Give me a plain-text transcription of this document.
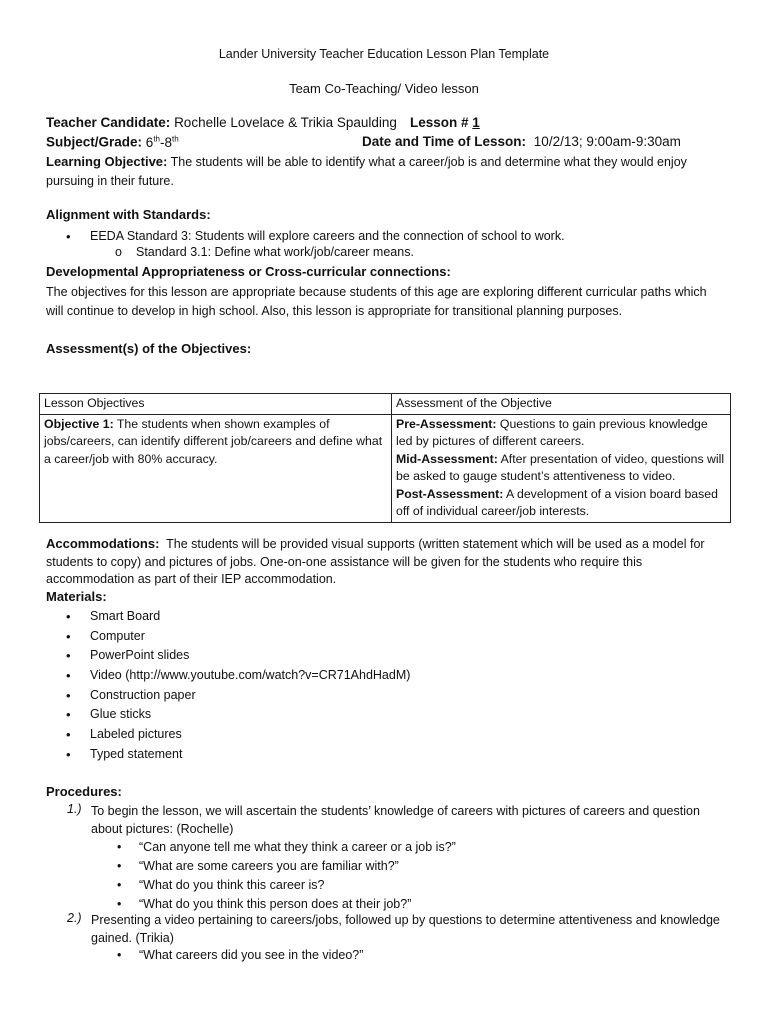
Lander University Teacher Education Lesson Plan Template
Team Co-Teaching/ Video lesson
Teacher Candidate: Rochelle Lovelace & Trikia Spaulding Lesson # 1
Subject/Grade: 6th-8th	Date and Time of Lesson: 10/2/13; 9:00am-9:30am
Learning Objective: The students will be able to identify what a career/job is and determine what they would enjoy pursuing in their future.
Alignment with Standards:
• EEDA Standard 3: Students will explore careers and the connection of school to work.
o Standard 3.1: Define what work/job/career means.
Developmental Appropriateness or Cross-curricular connections:
The objectives for this lesson are appropriate because students of this age are exploring different curricular paths which will continue to develop in high school. Also, this lesson is appropriate for transitional planning purposes.
Assessment(s) of the Objectives:
Lesson Objectives	Assessment of the Objective
Objective 1: The students when shown examples of jobs/careers, can identify different job/careers and define what a career/job with 80% accuracy.	Pre-Assessment: Questions to gain previous knowledge led by pictures of different careers.
Mid-Assessment: After presentation of video, questions will be asked to gauge student’s attentiveness to video.
Post-Assessment: A development of a vision board based off of individual career/job interests.
Accommodations: The students will be provided visual supports (written statement which will be used as a model for students to copy) and pictures of jobs. One-on-one assistance will be given for the students who require this accommodation as part of their IEP accommodation.
Materials:
• Smart Board
• Computer
• PowerPoint slides
• Video (http://www.youtube.com/watch?v=CR71AhdHadM)
• Construction paper
• Glue sticks
• Labeled pictures
• Typed statement
Procedures:
1.) To begin the lesson, we will ascertain the students’ knowledge of careers with pictures of careers and question about pictures: (Rochelle)
• “Can anyone tell me what they think a career or a job is?”
• “What are some careers you are familiar with?”
• “What do you think this career is?
• “What do you think this person does at their job?”
2.) Presenting a video pertaining to careers/jobs, followed up by questions to determine attentiveness and knowledge gained. (Trikia)
• “What careers did you see in the video?”
